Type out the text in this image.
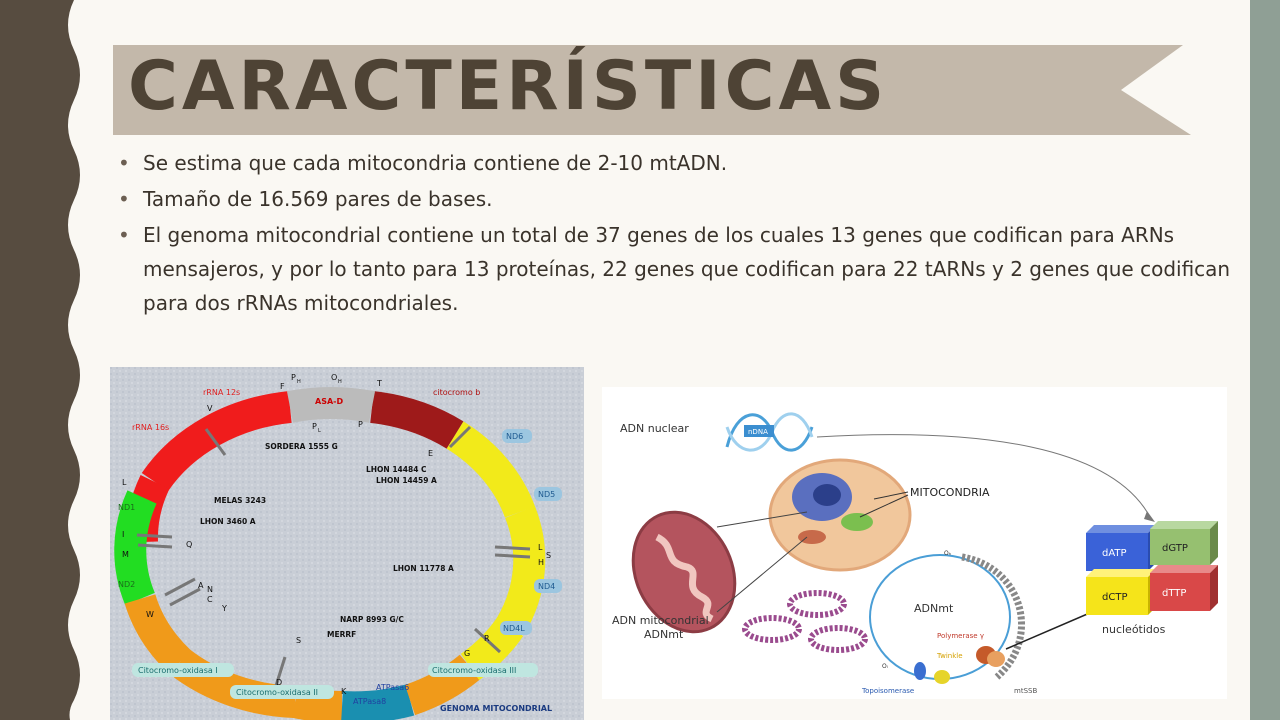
CARACTERÍSTICAS
• Se estima que cada mitocondria contiene de 2-10 mtADN.
• Tamaño de 16.569 pares de bases.
• El genoma mitocondrial contiene un total de 37 genes de los cuales 13 genes que codifican para ARNs mensajeros, y por lo tanto para 13 proteínas, 22 genes que codifican para 22 tARNs y 2 genes que codifican para dos rRNAs mitocondriales.
rRNA 12s
rRNA 16s
citocromo b
ASA-D
ND6
ND5
ND4
ND4L
ND1
ND2
Citocromo-oxidasa I
Citocromo-oxidasa II
Citocromo-oxidasa III
ATPasa6
ATPasa8
F
P H	O H	T
P L
P
V
E
L
I
M
Q
W
A N
C
Y
S
D
K
G
R
L
S
H
SORDERA 1555 G
MELAS 3243
LHON 3460 A
LHON 14484 C
LHON 14459 A
LHON 11778 A
NARP 8993 G/C
MERRF
GENOMA MITOCONDRIAL
ADN nuclear	nDNA
MITOCONDRIA
ADN mitocondrial
ADNmt
Oₕ
Oₗ
ADNmt
Polymerase γ
Twinkle
Topoisomerase	mtSSB
dATP	dGTP
dCTP	dTTP
nucleótidos
